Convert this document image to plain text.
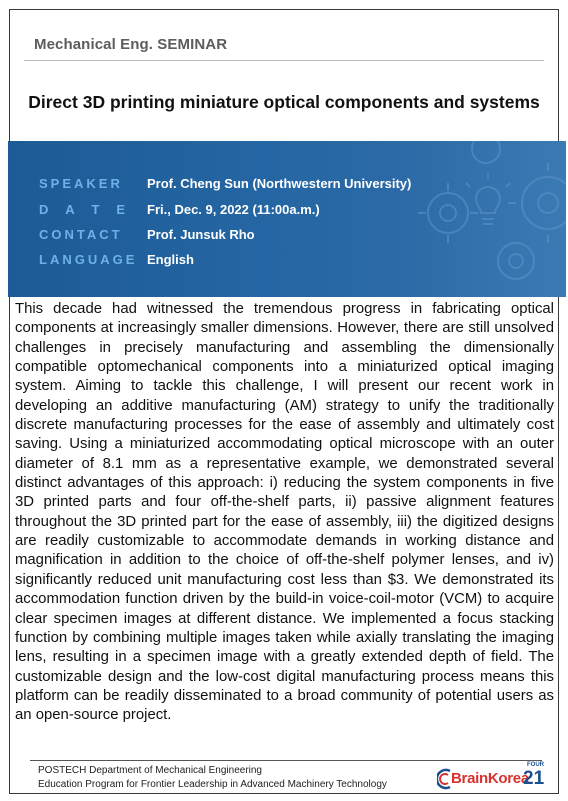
Mechanical Eng. SEMINAR
Direct 3D printing miniature optical components and systems
SPEAKER	Prof. Cheng Sun (Northwestern University)
D A T E Fri., Dec. 9, 2022 (11:00a.m.)
CONTACT	Prof. Junsuk Rho
LANGUAGE English
This decade had witnessed the tremendous progress in fabricating optical components at increasingly smaller dimensions. However, there are still unsolved challenges in precisely manufacturing and assembling the dimensionally compatible optomechanical components into a miniaturized optical imaging system. Aiming to tackle this challenge, I will present our recent work in developing an additive manufacturing (AM) strategy to unify the traditionally discrete manufacturing processes for the ease of assembly and ultimately cost saving. Using a miniaturized accommodating optical microscope with an outer diameter of 8.1 mm as a representative example, we demonstrated several distinct advantages of this approach: i) reducing the system components in five 3D printed parts and four off-the-shelf parts, ii) passive alignment features throughout the 3D printed part for the ease of assembly, iii) the digitized designs are readily customizable to accommodate demands in working distance and magnification in addition to the choice of off-the-shelf polymer lenses, and iv) significantly reduced unit manufacturing cost less than $3. We demonstrated its accommodation function driven by the build-in voice-coil-motor (VCM) to acquire clear specimen images at different distance. We implemented a focus stacking function by combining multiple images taken while axially translating the imaging lens, resulting in a specimen image with a greatly extended depth of field. The customizable design and the low-cost digital manufacturing process means this platform can be readily disseminated to a broad community of potential users as an open-source project.
POSTECH Department of Mechanical Engineering
Education Program for Frontier Leadership in Advanced Machinery Technology	BrainKorea
FOUR
21
